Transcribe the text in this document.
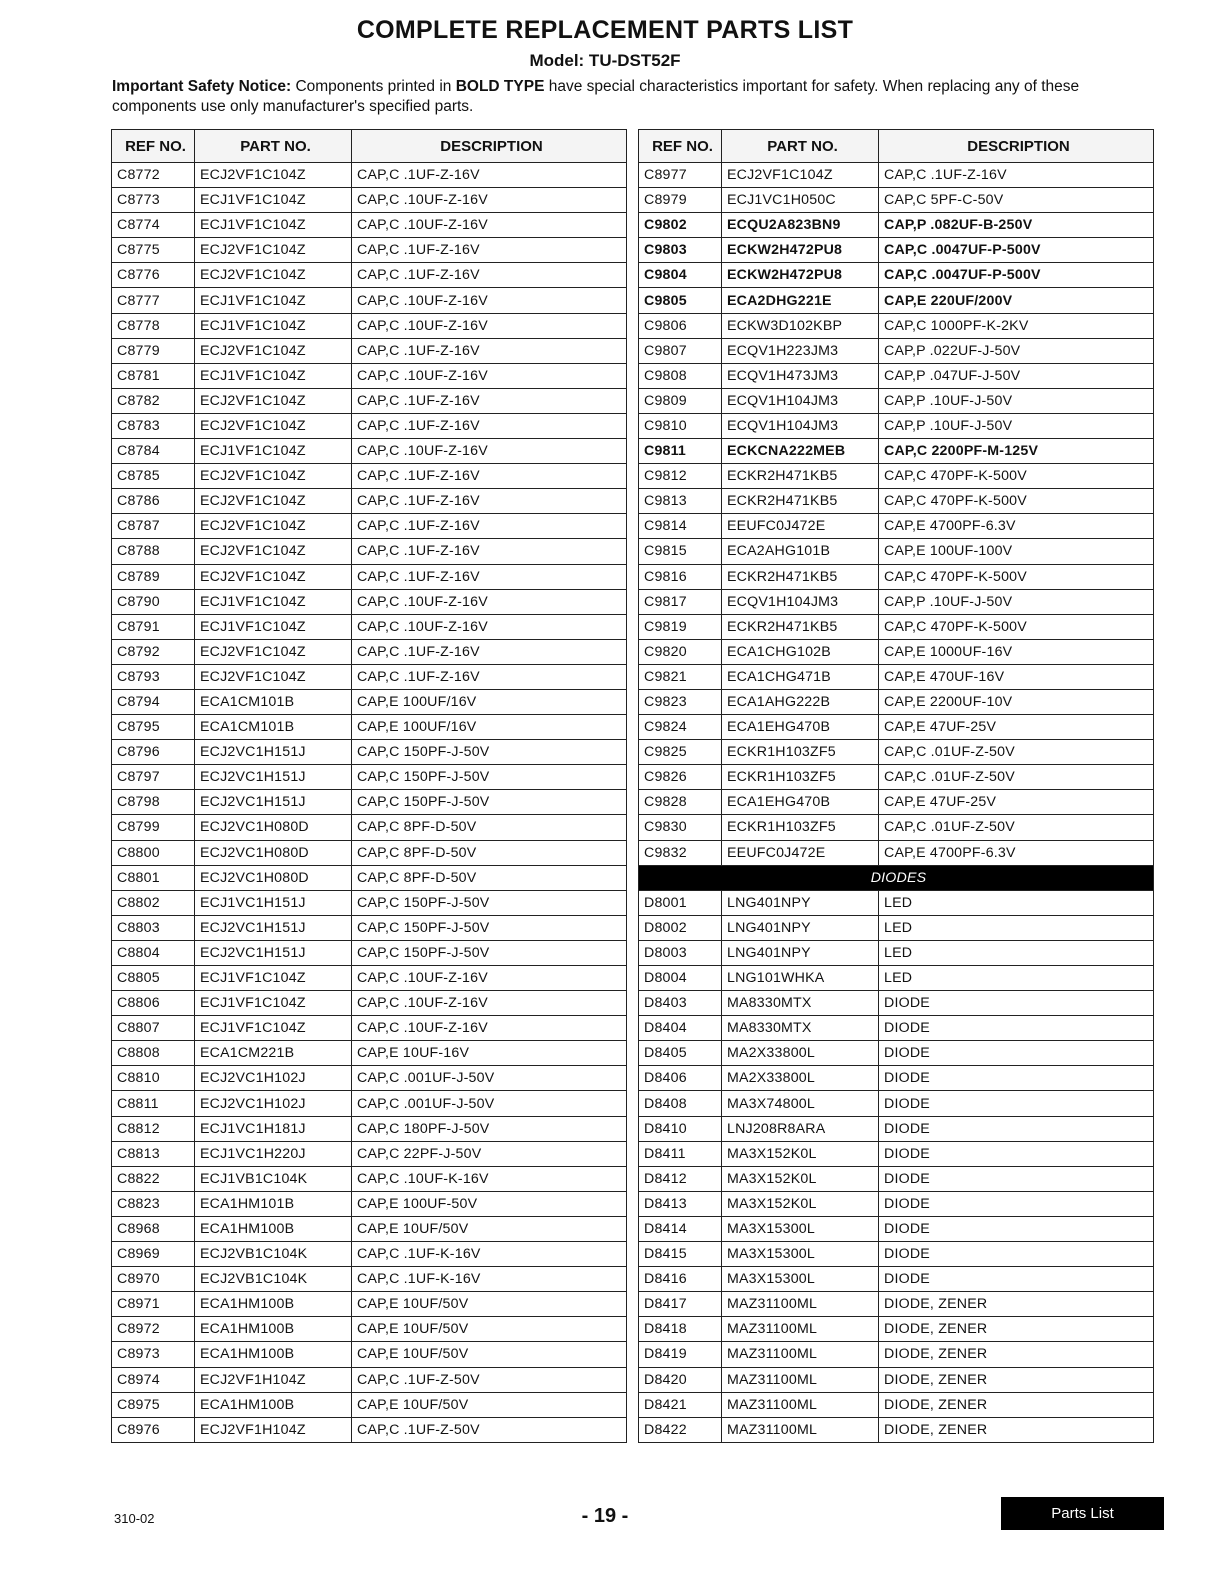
COMPLETE REPLACEMENT PARTS LIST
Model: TU-DST52F
Important Safety Notice: Components printed in BOLD TYPE have special characteristics important for safety. When replacing any of these components use only manufacturer's specified parts.
REF NO.	PART NO.	DESCRIPTION
C8772	ECJ2VF1C104Z	CAP,C .1UF-Z-16V
C8773	ECJ1VF1C104Z	CAP,C .10UF-Z-16V
C8774	ECJ1VF1C104Z	CAP,C .10UF-Z-16V
C8775	ECJ2VF1C104Z	CAP,C .1UF-Z-16V
C8776	ECJ2VF1C104Z	CAP,C .1UF-Z-16V
C8777	ECJ1VF1C104Z	CAP,C .10UF-Z-16V
C8778	ECJ1VF1C104Z	CAP,C .10UF-Z-16V
C8779	ECJ2VF1C104Z	CAP,C .1UF-Z-16V
C8781	ECJ1VF1C104Z	CAP,C .10UF-Z-16V
C8782	ECJ2VF1C104Z	CAP,C .1UF-Z-16V
C8783	ECJ2VF1C104Z	CAP,C .1UF-Z-16V
C8784	ECJ1VF1C104Z	CAP,C .10UF-Z-16V
C8785	ECJ2VF1C104Z	CAP,C .1UF-Z-16V
C8786	ECJ2VF1C104Z	CAP,C .1UF-Z-16V
C8787	ECJ2VF1C104Z	CAP,C .1UF-Z-16V
C8788	ECJ2VF1C104Z	CAP,C .1UF-Z-16V
C8789	ECJ2VF1C104Z	CAP,C .1UF-Z-16V
C8790	ECJ1VF1C104Z	CAP,C .10UF-Z-16V
C8791	ECJ1VF1C104Z	CAP,C .10UF-Z-16V
C8792	ECJ2VF1C104Z	CAP,C .1UF-Z-16V
C8793	ECJ2VF1C104Z	CAP,C .1UF-Z-16V
C8794	ECA1CM101B	CAP,E 100UF/16V
C8795	ECA1CM101B	CAP,E 100UF/16V
C8796	ECJ2VC1H151J	CAP,C 150PF-J-50V
C8797	ECJ2VC1H151J	CAP,C 150PF-J-50V
C8798	ECJ2VC1H151J	CAP,C 150PF-J-50V
C8799	ECJ2VC1H080D	CAP,C 8PF-D-50V
C8800	ECJ2VC1H080D	CAP,C 8PF-D-50V
C8801	ECJ2VC1H080D	CAP,C 8PF-D-50V
C8802	ECJ1VC1H151J	CAP,C 150PF-J-50V
C8803	ECJ2VC1H151J	CAP,C 150PF-J-50V
C8804	ECJ2VC1H151J	CAP,C 150PF-J-50V
C8805	ECJ1VF1C104Z	CAP,C .10UF-Z-16V
C8806	ECJ1VF1C104Z	CAP,C .10UF-Z-16V
C8807	ECJ1VF1C104Z	CAP,C .10UF-Z-16V
C8808	ECA1CM221B	CAP,E 10UF-16V
C8810	ECJ2VC1H102J	CAP,C .001UF-J-50V
C8811	ECJ2VC1H102J	CAP,C .001UF-J-50V
C8812	ECJ1VC1H181J	CAP,C 180PF-J-50V
C8813	ECJ1VC1H220J	CAP,C 22PF-J-50V
C8822	ECJ1VB1C104K	CAP,C .10UF-K-16V
C8823	ECA1HM101B	CAP,E 100UF-50V
C8968	ECA1HM100B	CAP,E 10UF/50V
C8969	ECJ2VB1C104K	CAP,C .1UF-K-16V
C8970	ECJ2VB1C104K	CAP,C .1UF-K-16V
C8971	ECA1HM100B	CAP,E 10UF/50V
C8972	ECA1HM100B	CAP,E 10UF/50V
C8973	ECA1HM100B	CAP,E 10UF/50V
C8974	ECJ2VF1H104Z	CAP,C .1UF-Z-50V
C8975	ECA1HM100B	CAP,E 10UF/50V
C8976	ECJ2VF1H104Z	CAP,C .1UF-Z-50V
REF NO.	PART NO.	DESCRIPTION
C8977	ECJ2VF1C104Z	CAP,C .1UF-Z-16V
C8979	ECJ1VC1H050C	CAP,C 5PF-C-50V
C9802	ECQU2A823BN9	CAP,P .082UF-B-250V
C9803	ECKW2H472PU8	CAP,C .0047UF-P-500V
C9804	ECKW2H472PU8	CAP,C .0047UF-P-500V
C9805	ECA2DHG221E	CAP,E 220UF/200V
C9806	ECKW3D102KBP	CAP,C 1000PF-K-2KV
C9807	ECQV1H223JM3	CAP,P .022UF-J-50V
C9808	ECQV1H473JM3	CAP,P .047UF-J-50V
C9809	ECQV1H104JM3	CAP,P .10UF-J-50V
C9810	ECQV1H104JM3	CAP,P .10UF-J-50V
C9811	ECKCNA222MEB	CAP,C 2200PF-M-125V
C9812	ECKR2H471KB5	CAP,C 470PF-K-500V
C9813	ECKR2H471KB5	CAP,C 470PF-K-500V
C9814	EEUFC0J472E	CAP,E 4700PF-6.3V
C9815	ECA2AHG101B	CAP,E 100UF-100V
C9816	ECKR2H471KB5	CAP,C 470PF-K-500V
C9817	ECQV1H104JM3	CAP,P .10UF-J-50V
C9819	ECKR2H471KB5	CAP,C 470PF-K-500V
C9820	ECA1CHG102B	CAP,E 1000UF-16V
C9821	ECA1CHG471B	CAP,E 470UF-16V
C9823	ECA1AHG222B	CAP,E 2200UF-10V
C9824	ECA1EHG470B	CAP,E 47UF-25V
C9825	ECKR1H103ZF5	CAP,C .01UF-Z-50V
C9826	ECKR1H103ZF5	CAP,C .01UF-Z-50V
C9828	ECA1EHG470B	CAP,E 47UF-25V
C9830	ECKR1H103ZF5	CAP,C .01UF-Z-50V
C9832	EEUFC0J472E	CAP,E 4700PF-6.3V
DIODES		
D8001	LNG401NPY	LED
D8002	LNG401NPY	LED
D8003	LNG401NPY	LED
D8004	LNG101WHKA	LED
D8403	MA8330MTX	DIODE
D8404	MA8330MTX	DIODE
D8405	MA2X33800L	DIODE
D8406	MA2X33800L	DIODE
D8408	MA3X74800L	DIODE
D8410	LNJ208R8ARA	DIODE
D8411	MA3X152K0L	DIODE
D8412	MA3X152K0L	DIODE
D8413	MA3X152K0L	DIODE
D8414	MA3X15300L	DIODE
D8415	MA3X15300L	DIODE
D8416	MA3X15300L	DIODE
D8417	MAZ31100ML	DIODE, ZENER
D8418	MAZ31100ML	DIODE, ZENER
D8419	MAZ31100ML	DIODE, ZENER
D8420	MAZ31100ML	DIODE, ZENER
D8421	MAZ31100ML	DIODE, ZENER
D8422	MAZ31100ML	DIODE, ZENER
310-02	- 19 -	Parts List
